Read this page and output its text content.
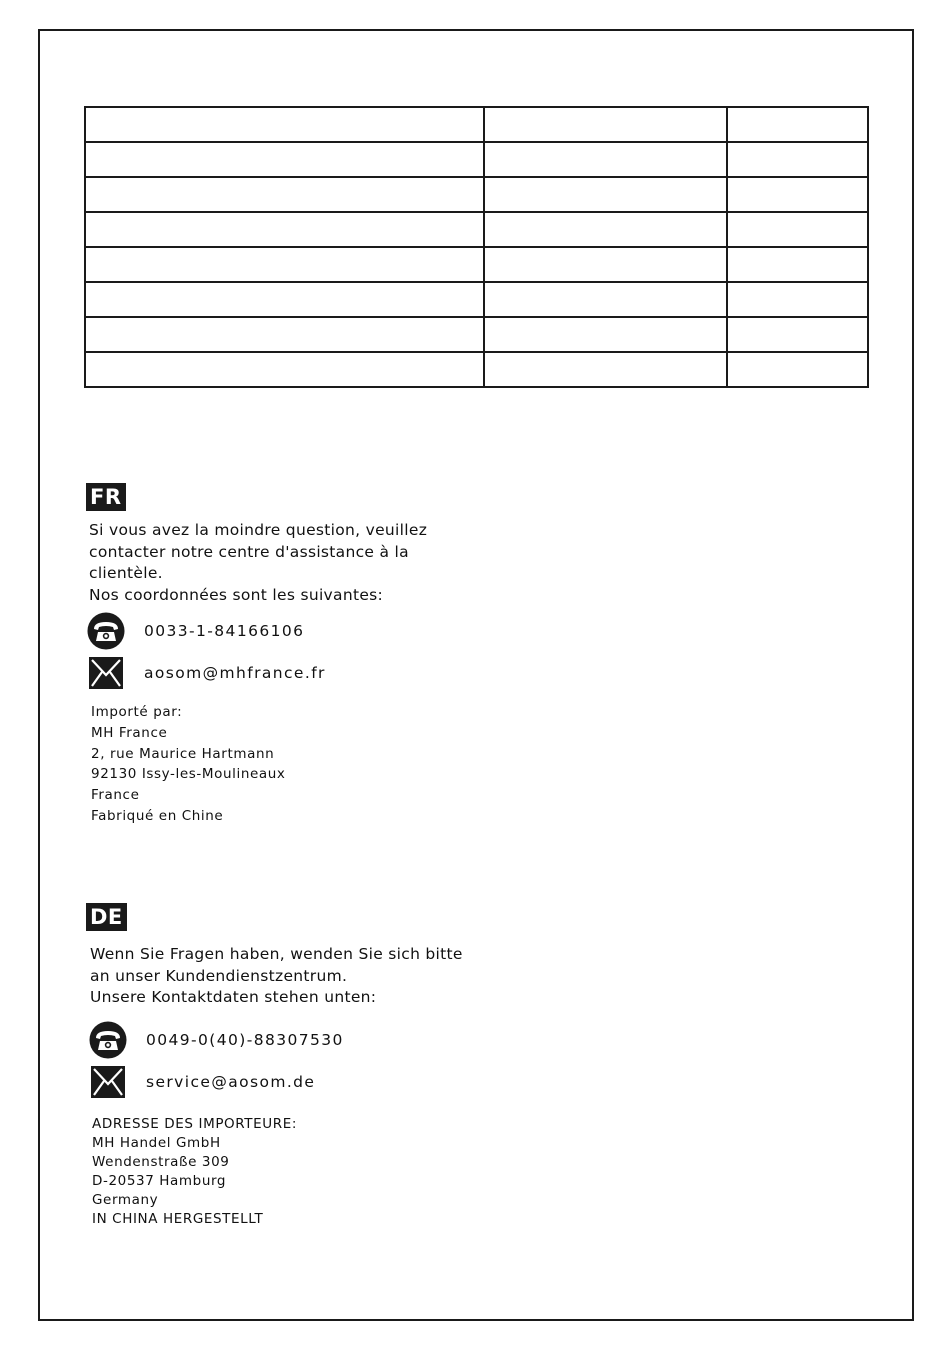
FR
Si vous avez la moindre question, veuillez
contacter notre centre d'assistance à la
clientèle.
Nos coordonnées sont les suivantes:
0033-1-84166106
aosom@mhfrance.fr
Importé par:
MH France
2, rue Maurice Hartmann
92130 Issy-les-Moulineaux
France
Fabriqué en Chine
DE
Wenn Sie Fragen haben, wenden Sie sich bitte
an unser Kundendienstzentrum.
Unsere Kontaktdaten stehen unten:
0049-0(40)-88307530
service@aosom.de
ADRESSE DES IMPORTEURE:
MH Handel GmbH
Wendenstraße 309
D-20537 Hamburg
Germany
IN CHINA HERGESTELLT
